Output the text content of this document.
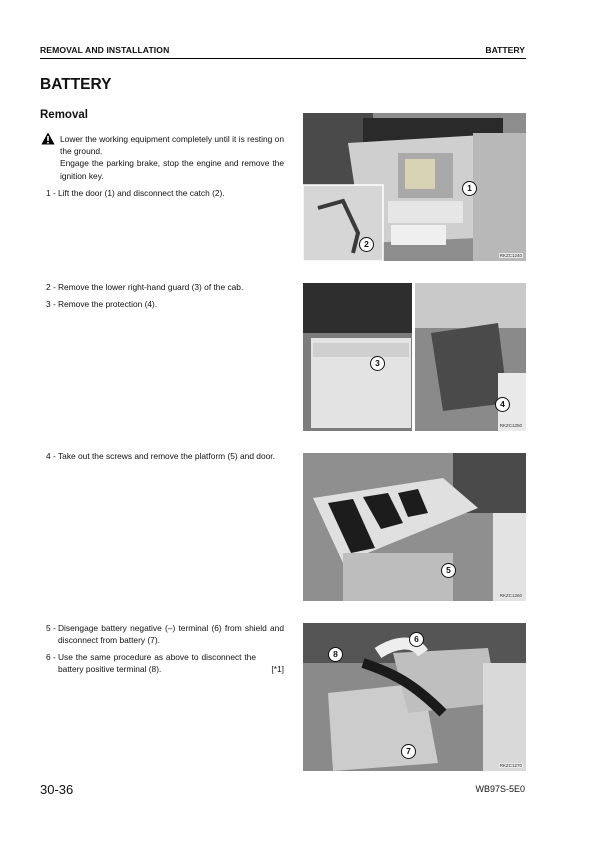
REMOVAL AND INSTALLATION	BATTERY
BATTERY
Removal

Lower the working equipment completely until it is resting on the ground.

Engage the parking brake, stop the engine and remove the ignition key.

1 - Lift the door (1) and disconnect the catch (2).
2 - Remove the lower right-hand guard (3) of the cab.
3 - Remove the protection (4).
4 - Take out the screws and remove the platform (5) and door.
5 - Disengage battery negative (–) terminal (6) from shield and disconnect from battery (7).
6 - Use the same procedure as above to disconnect the battery positive terminal (8).	[*1]
1
2
RKZC1240
3
4
RKZC1250
5
RKZC1260
6
7
8
RKZC1270
30-36	WB97S-5E0
